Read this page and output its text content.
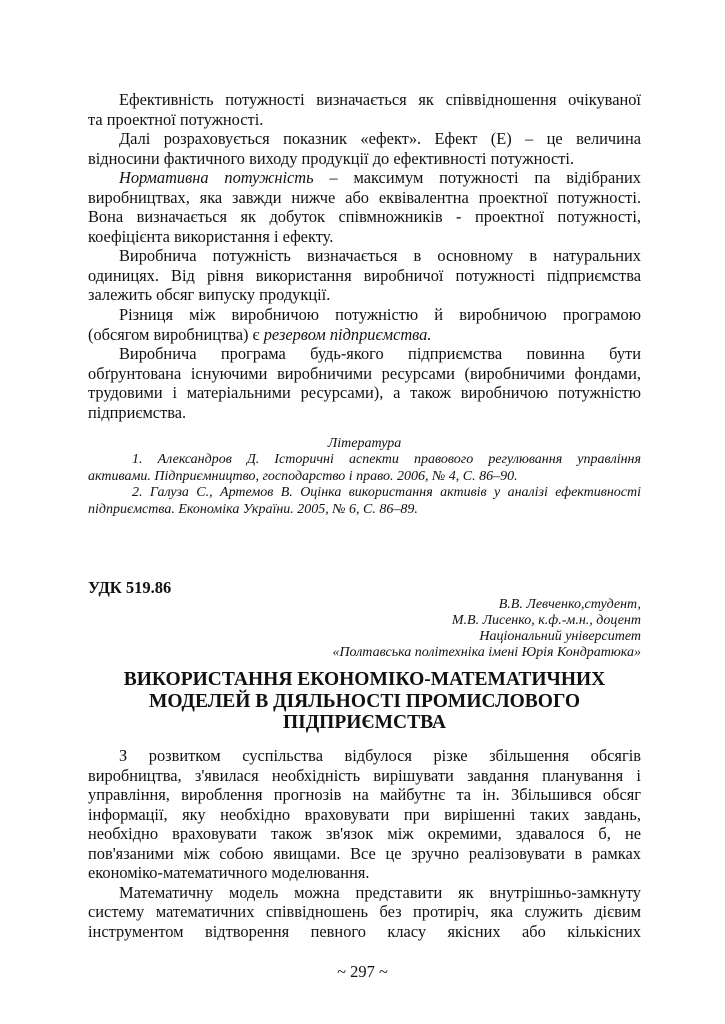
Ефективність потужності визначається як співвідношення очікуваної
та проектної потужності.
Далі розраховується показник «ефект». Ефект (Е) – це величина
відносини фактичного виходу продукції до ефективності потужності.
Нормативна потужність – максимум потужності па відібраних
виробництвах, яка завжди нижче або еквівалентна проектної потужності.
Вона визначається як добуток співмножників - проектної потужності,
коефіцієнта використання і ефекту.
Виробнича потужність визначається в основному в натуральних
одиницях. Від рівня використання виробничої потужності підприємства
залежить обсяг випуску продукції.
Різниця між виробничою потужністю й виробничою програмою
(обсягом виробництва) є резервом підприємства.
Виробнича програма будь-якого підприємства повинна бути
обґрунтована існуючими виробничими ресурсами (виробничими фондами,
трудовими і матеріальними ресурсами), а також виробничою потужністю
підприємства.
Література
1. Александров Д. Історичні аспекти правового регулювання управління
активами. Підприємництво, господарство і право. 2006, № 4, С. 86–90.
2. Галуза С., Артемов В. Оцінка використання активів у аналізі ефективності
підприємства. Економіка України. 2005, № 6, С. 86–89.
УДК 519.86
В.В. Левченко,студент,
М.В. Лисенко, к.ф.-м.н., доцент
Національний університет
«Полтавська політехніка імені Юрія Кондратюка»
ВИКОРИСТАННЯ ЕКОНОМІКО-МАТЕМАТИЧНИХ
МОДЕЛЕЙ В ДІЯЛЬНОСТІ ПРОМИСЛОВОГО
ПІДПРИЄМСТВА
З розвитком суспільства відбулося різке збільшення обсягів
виробництва, з'явилася необхідність вирішувати завдання планування і
управління, вироблення прогнозів на майбутнє та ін. Збільшився обсяг
інформації, яку необхідно враховувати при вирішенні таких завдань,
необхідно враховувати також зв'язок між окремими, здавалося б, не
пов'язаними між собою явищами. Все це зручно реалізовувати в рамках
економіко-математичного моделювання.
Математичну модель можна представити як внутрішньо-замкнуту
систему математичних співвідношень без протиріч, яка служить дієвим
інструментом відтворення певного класу якісних або кількісних
~ 297 ~
